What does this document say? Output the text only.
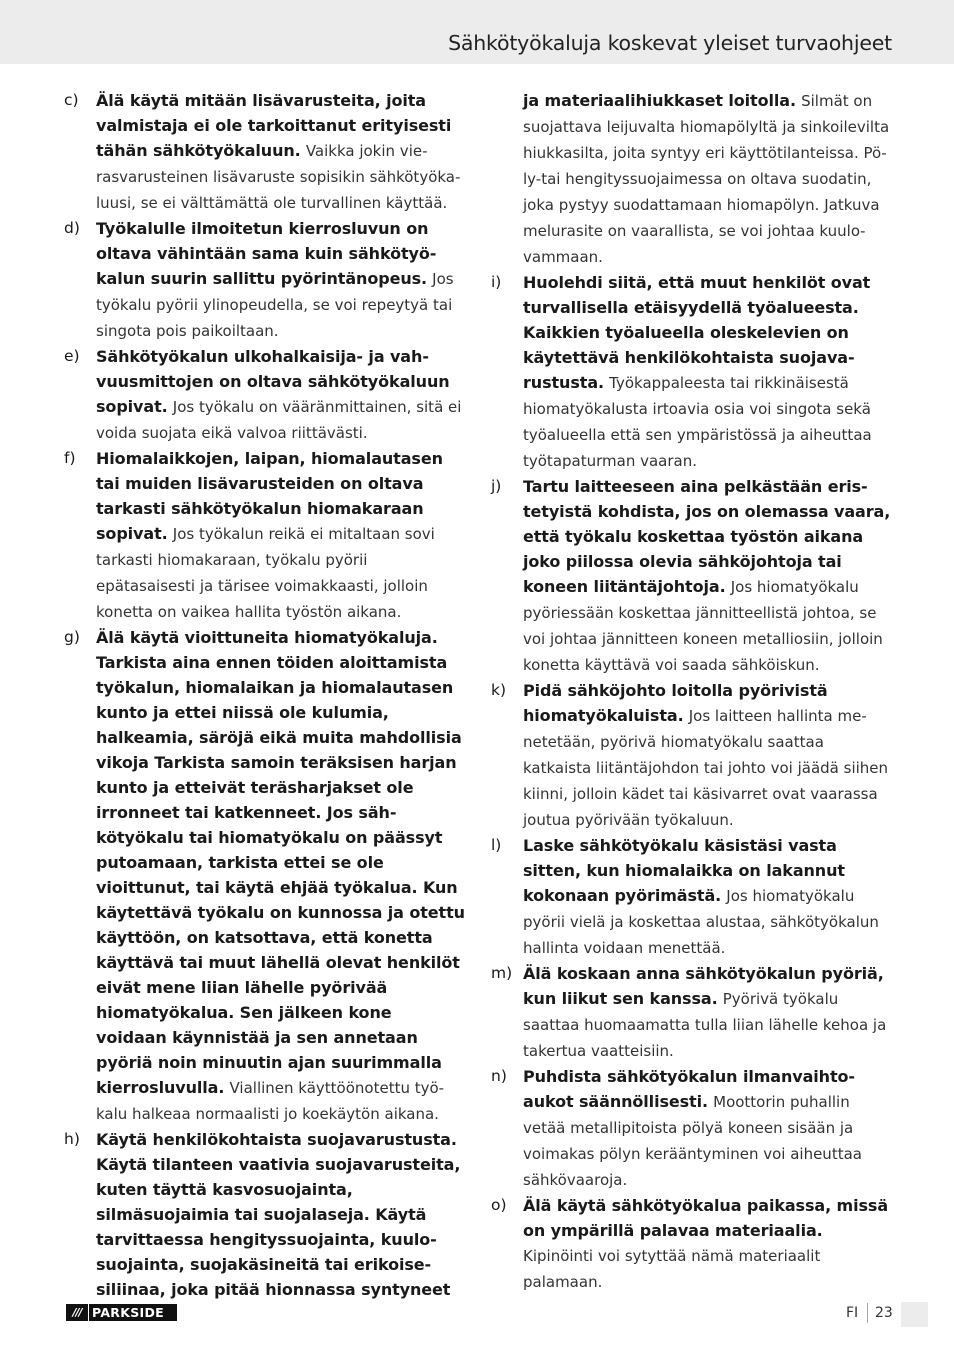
Sähkötyökaluja koskevat yleiset turvaohjeet
c) Älä käytä mitään lisävarusteita, joita valmistaja ei ole tarkoittanut erityisesti tähän sähkötyökaluun. Vaikka jokin vierasvarusteinen lisävaruste sopisikin sähkötyökaluusi, se ei välttämättä ole turvallinen käyttää.
d) Työkalulle ilmoitetun kierrosluvun on oltava vähintään sama kuin sähkötyökalun suurin sallittu pyörintänopeus. Jos työkalu pyörii ylinopeudella, se voi repeytyä tai singota pois paikoiltaan.
e) Sähkötyökalun ulkohalkaisija- ja vahvuusmittojen on oltava sähkötyökaluun sopivat. Jos työkalu on vääränmittainen, sitä ei voida suojata eikä valvoa riittävästi.
f) Hiomalaikkojen, laipan, hiomalautasen tai muiden lisävarusteiden on oltava tarkasti sähkötyökalun hiomakaraan sopivat. Jos työkalun reikä ei mitaltaan sovi tarkasti hiomakaraan, työkalu pyörii epätasaisesti ja tärisee voimakkaasti, jolloin konetta on vaikea hallita työstön aikana.
g) Älä käytä vioittuneita hiomatyökaluja. Tarkista aina ennen töiden aloittamista työkalun, hiomalaikan ja hiomalautasen kunto ja ettei niissä ole kulumia, halkeamia, säröjä eikä muita mahdollisia vikoja Tarkista samoin teräksisen harjan kunto ja etteivät teräsharjakset ole irronneet tai katkenneet. Jos sähkötyökalu tai hiomatyökalu on päässyt putoamaan, tarkista ettei se ole vioittunut, tai käytä ehjää työkalua. Kun käytettävä työkalu on kunnossa ja otettu käyttöön, on katsottava, että konetta käyttävä tai muut lähellä olevat henkilöt eivät mene liian lähelle pyörivää hiomatyökalua. Sen jälkeen kone voidaan käynnistää ja sen annetaan pyöriä noin minuutin ajan suurimmalla kierrosluvulla. Viallinen käyttöönotettu työkalu halkeaa normaalisti jo koekäytön aikana.
h) Käytä henkilökohtaista suojavarustusta. Käytä tilanteen vaativia suojavarusteita, kuten täyttä kasvosuojainta, silmäsuojaimia tai suojalaseja. Käytä tarvittaessa hengityssuojainta, kuulosuojainta, suojakäsineitä tai erikoisesiliinaa, joka pitää hionnassa syntyneet
ja materiaalihiukkaset loitolla. Silmät on suojattava leijuvalta hiomapölyltä ja sinkoilevilta hiukkasilta, joita syntyy eri käyttötilanteissa. Pöly-tai hengityssuojaimessa on oltava suodatin, joka pystyy suodattamaan hiomapölyn. Jatkuva melurasite on vaarallista, se voi johtaa kuulovammaan.
i) Huolehdi siitä, että muut henkilöt ovat turvallisella etäisyydellä työalueesta. Kaikkien työalueella oleskelevien on käytettävä henkilökohtaista suojavarustusta. Työkappaleesta tai rikkinäisestä hiomatyökalusta irtoavia osia voi singota sekä työalueella että sen ympäristössä ja aiheuttaa työtapaturman vaaran.
j) Tartu laitteeseen aina pelkästään eristetyistä kohdista, jos on olemassa vaara, että työkalu koskettaa työstön aikana joko piilossa olevia sähköjohtoja tai koneen liitäntäjohtoja. Jos hiomatyökalu pyöriessään koskettaa jännitteellistä johtoa, se voi johtaa jännitteen koneen metalliosiin, jolloin konetta käyttävä voi saada sähköiskun.
k) Pidä sähköjohto loitolla pyörivistä hiomatyökaluista. Jos laitteen hallinta menetetään, pyörivä hiomatyökalu saattaa katkaista liitäntäjohdon tai johto voi jäädä siihen kiinni, jolloin kädet tai käsivarret ovat vaarassa joutua pyörivään työkaluun.
l) Laske sähkötyökalu käsistäsi vasta sitten, kun hiomalaikka on lakannut kokonaan pyörimästä. Jos hiomatyökalu pyörii vielä ja koskettaa alustaa, sähkötyökalun hallinta voidaan menettää.
m) Älä koskaan anna sähkötyökalun pyöriä, kun liikut sen kanssa. Pyörivä työkalu saattaa huomaamatta tulla liian lähelle kehoa ja takertua vaatteisiin.
n) Puhdista sähkötyökalun ilmanvaihtoaukot säännöllisesti. Moottorin puhallin vetää metallipitoista pölyä koneen sisään ja voimakas pölyn kerääntyminen voi aiheuttaa sähkövaaroja.
o) Älä käytä sähkötyökalua paikassa, missä on ympärillä palavaa materiaalia. Kipinöinti voi sytyttää nämä materiaalit palamaan.
/// PARKSIDE	FI 23
